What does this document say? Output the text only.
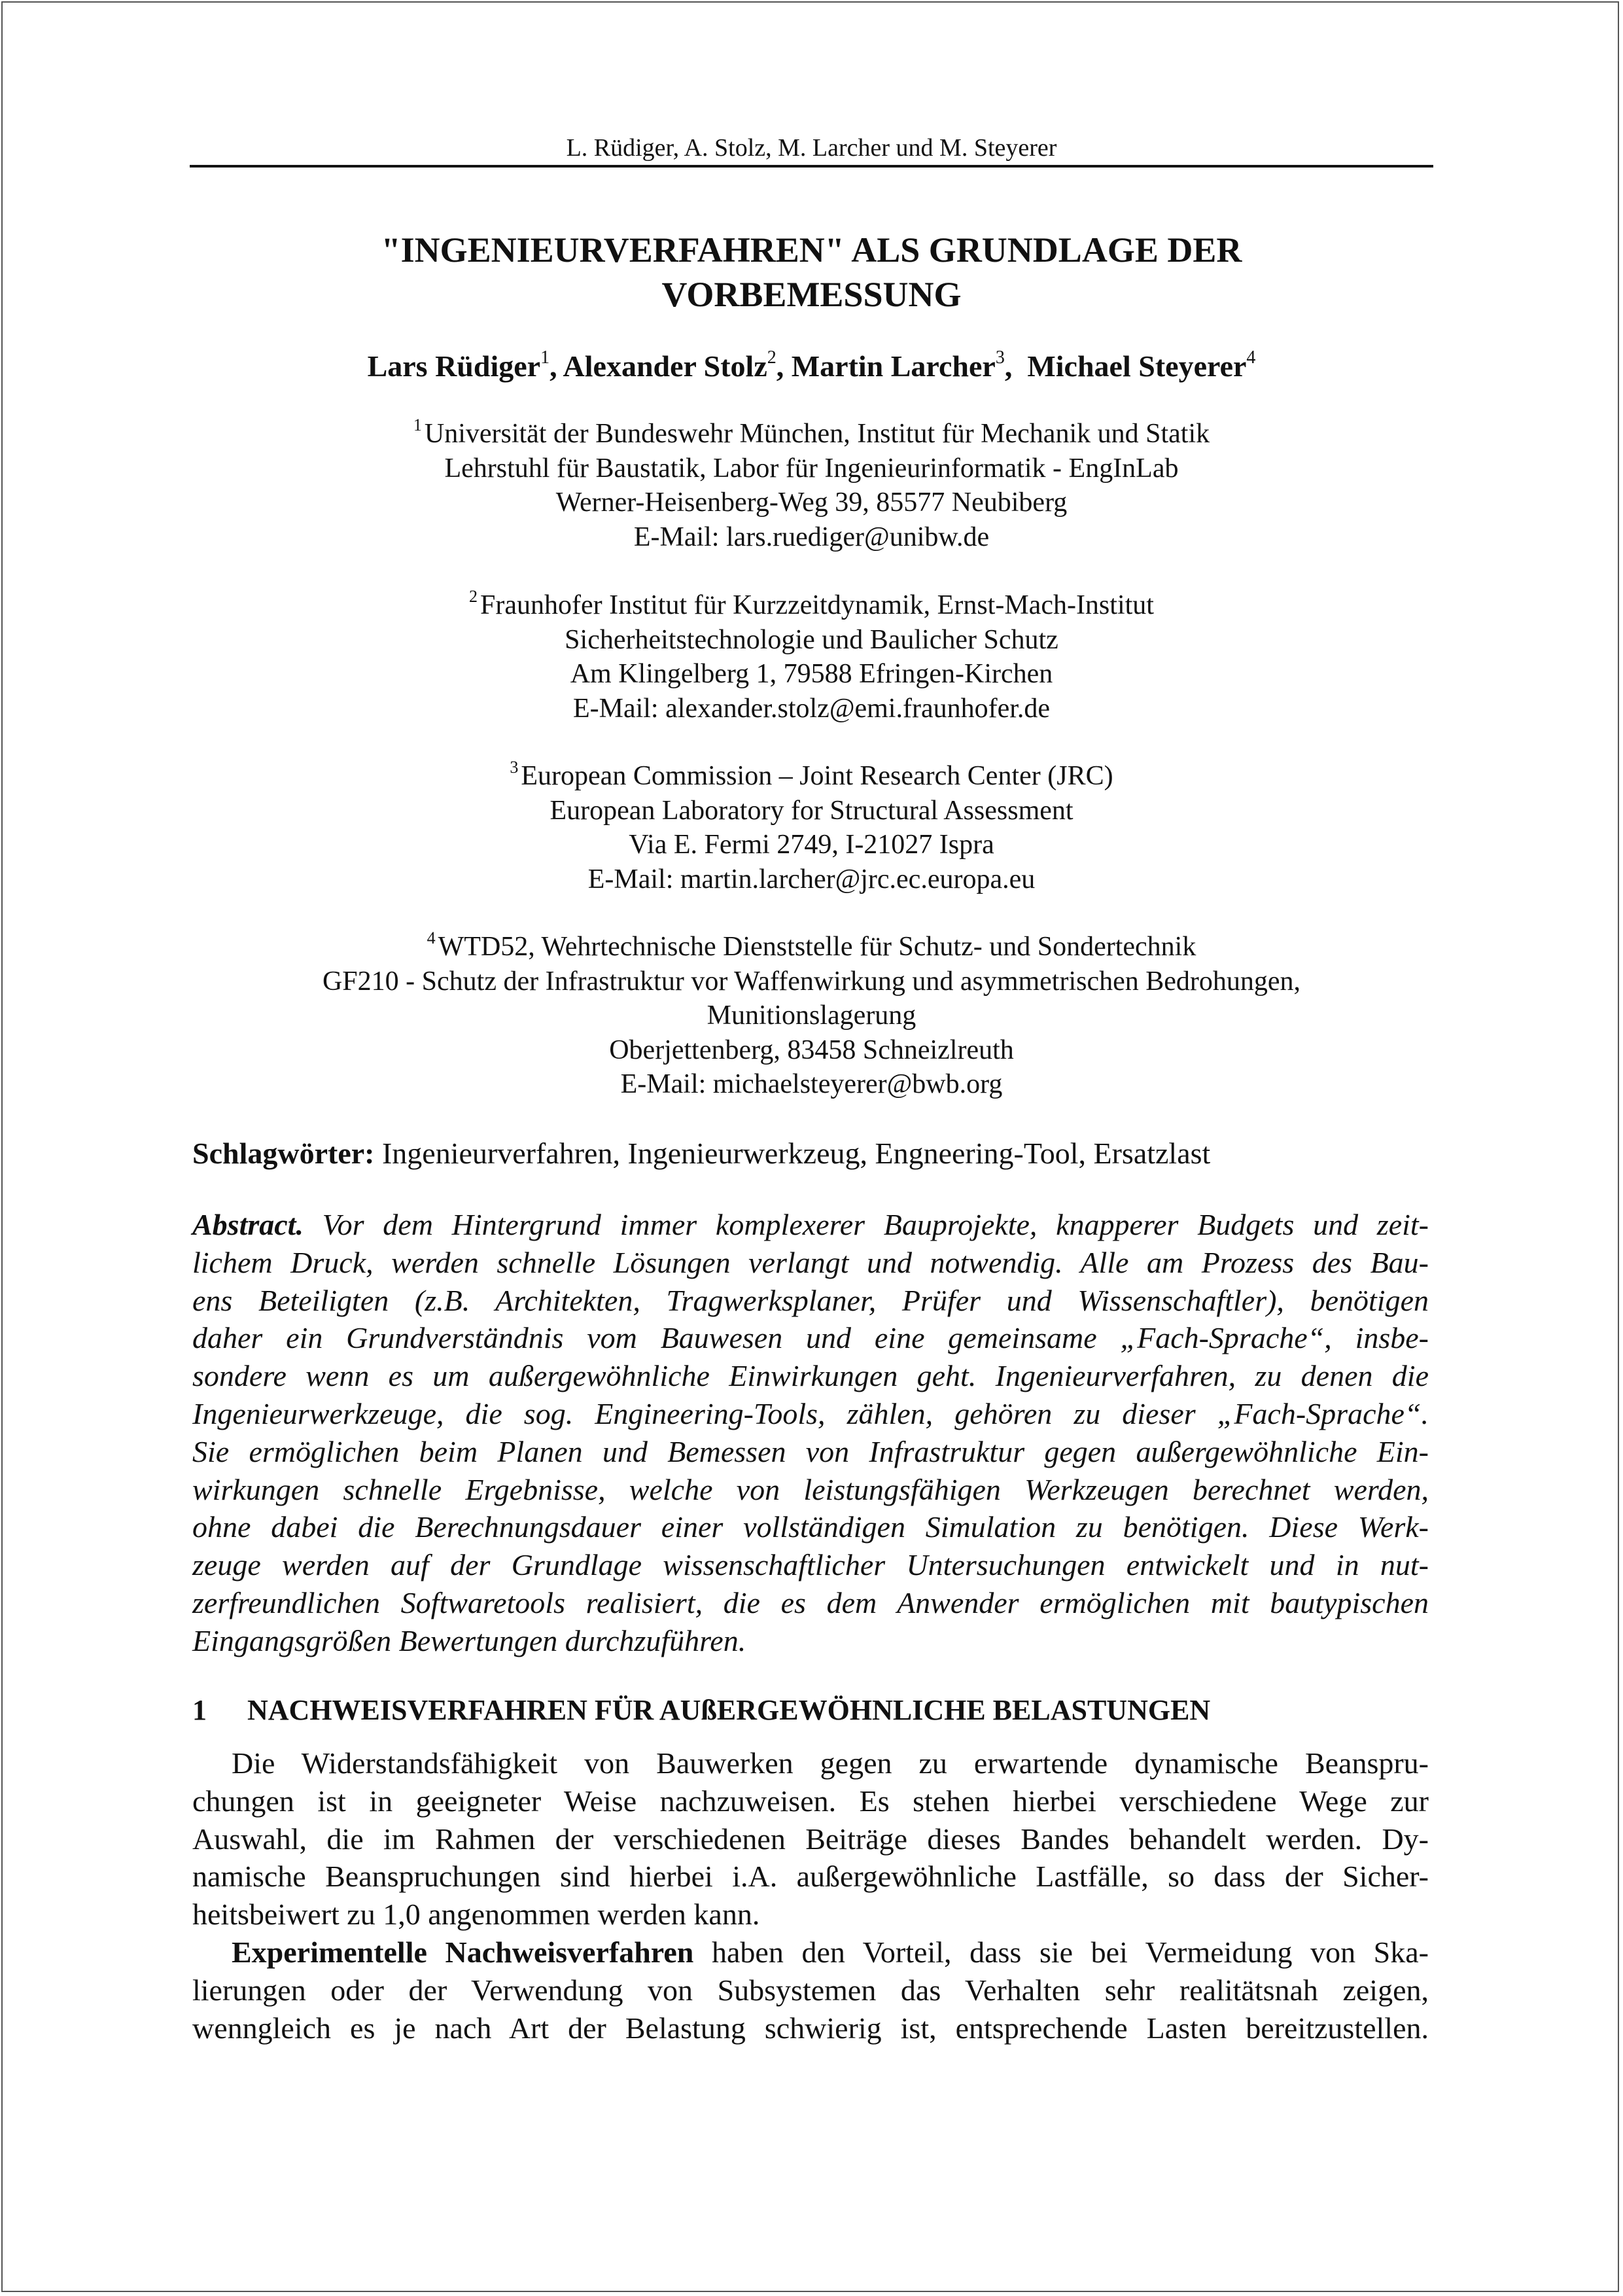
L. Rüdiger, A. Stolz, M. Larcher und M. Steyerer
"INGENIEURVERFAHREN" ALS GRUNDLAGE DER
VORBEMESSUNG
Lars Rüdiger$^1$, Alexander Stolz$^2$, Martin Larcher$^3$,  Michael Steyerer$^4$
$^1$Universität der Bundeswehr München, Institut für Mechanik und Statik
Lehrstuhl für Baustatik, Labor für Ingenieurinformatik - EngInLab
Werner-Heisenberg-Weg 39, 85577 Neubiberg
E-Mail: lars.ruediger@unibw.de
$^2$Fraunhofer Institut für Kurzzeitdynamik, Ernst-Mach-Institut
Sicherheitstechnologie und Baulicher Schutz
Am Klingelberg 1, 79588 Efringen-Kirchen
E-Mail: alexander.stolz@emi.fraunhofer.de
$^3$European Commission – Joint Research Center (JRC)
European Laboratory for Structural Assessment
Via E. Fermi 2749, I-21027 Ispra
E-Mail: martin.larcher@jrc.ec.europa.eu
$^4$WTD52, Wehrtechnische Dienststelle für Schutz- und Sondertechnik
GF210 - Schutz der Infrastruktur vor Waffenwirkung und asymmetrischen Bedrohungen,
Munitionslagerung
Oberjettenberg, 83458 Schneizlreuth
E-Mail: michaelsteyerer@bwb.org
Schlagwörter: Ingenieurverfahren, Ingenieurwerkzeug, Engneering-Tool, Ersatzlast
Abstract. Vor dem Hintergrund immer komplexerer Bauprojekte, knapperer Budgets und zeit-
lichem Druck, werden schnelle Lösungen verlangt und notwendig. Alle am Prozess des Bau-
ens Beteiligten (z.B. Architekten, Tragwerksplaner, Prüfer und Wissenschaftler), benötigen
daher ein Grundverständnis vom Bauwesen und eine gemeinsame „Fach-Sprache“, insbe-
sondere wenn es um außergewöhnliche Einwirkungen geht. Ingenieurverfahren, zu denen die
Ingenieurwerkzeuge, die sog. Engineering-Tools, zählen, gehören zu dieser „Fach-Sprache“.
Sie ermöglichen beim Planen und Bemessen von Infrastruktur gegen außergewöhnliche Ein-
wirkungen schnelle Ergebnisse, welche von leistungsfähigen Werkzeugen berechnet werden,
ohne dabei die Berechnungsdauer einer vollständigen Simulation zu benötigen. Diese Werk-
zeuge werden auf der Grundlage wissenschaftlicher Untersuchungen entwickelt und in nut-
zerfreundlichen Softwaretools realisiert, die es dem Anwender ermöglichen mit bautypischen
Eingangsgrößen Bewertungen durchzuführen.
1 NACHWEISVERFAHREN FÜR AUßERGEWÖHNLICHE BELASTUNGEN
Die Widerstandsfähigkeit von Bauwerken gegen zu erwartende dynamische Beanspru-
chungen ist in geeigneter Weise nachzuweisen. Es stehen hierbei verschiedene Wege zur
Auswahl, die im Rahmen der verschiedenen Beiträge dieses Bandes behandelt werden. Dy-
namische Beanspruchungen sind hierbei i.A. außergewöhnliche Lastfälle, so dass der Sicher-
heitsbeiwert zu 1,0 angenommen werden kann.
Experimentelle Nachweisverfahren haben den Vorteil, dass sie bei Vermeidung von Ska-
lierungen oder der Verwendung von Subsystemen das Verhalten sehr realitätsnah zeigen,
wenngleich es je nach Art der Belastung schwierig ist, entsprechende Lasten bereitzustellen.
